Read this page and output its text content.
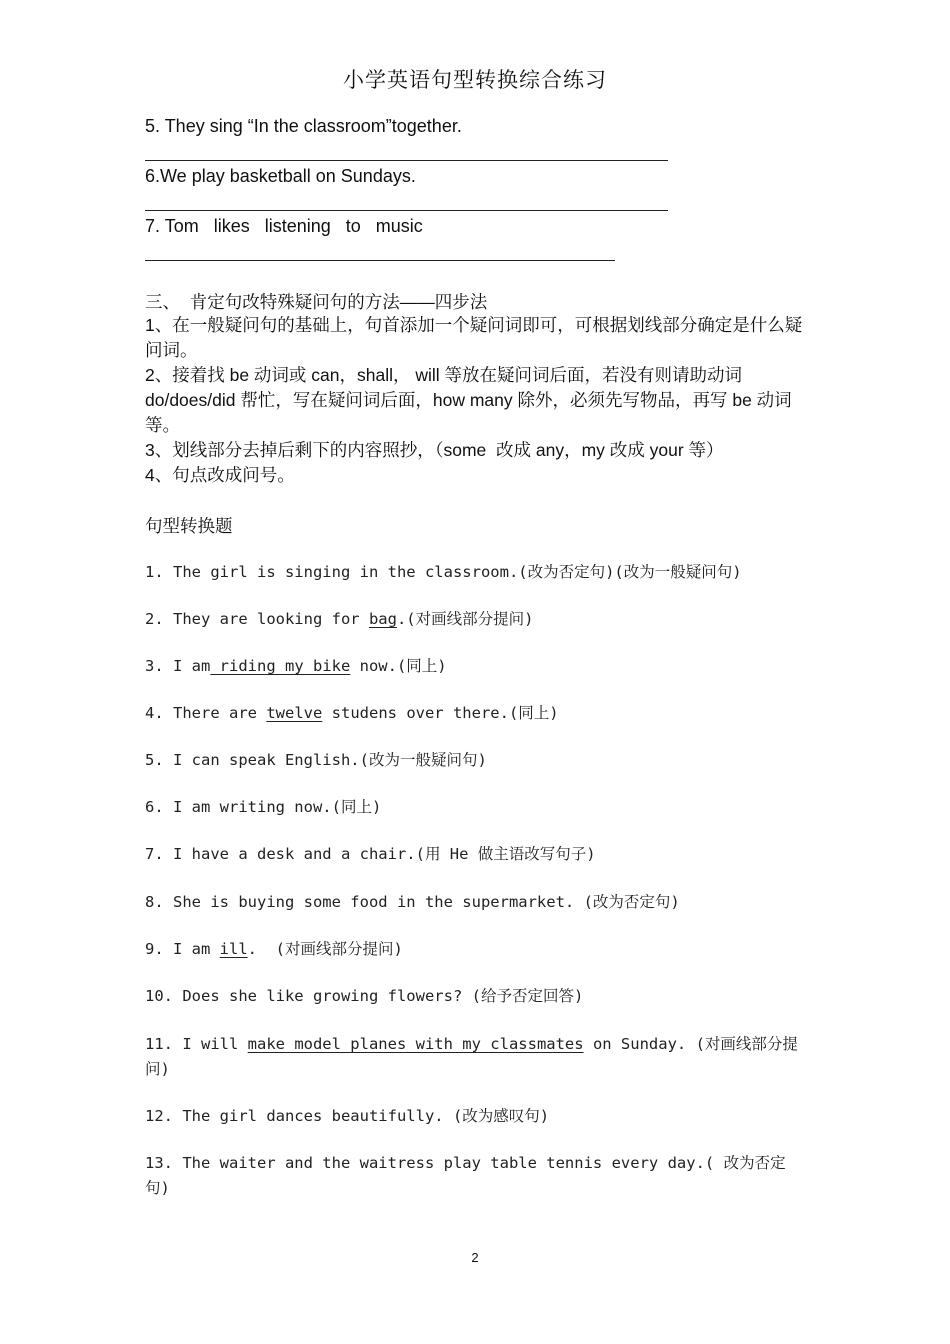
小学英语句型转换综合练习
5. They sing “In the classroom”together.
6.We play basketball on Sundays.
7. Tom   likes   listening   to   music
三、  肯定句改特殊疑问句的方法——四步法
1、在一般疑问句的基础上，句首添加一个疑问词即可，可根据划线部分确定是什么疑问词。
2、接着找 be 动词或 can，shall， will 等放在疑问词后面，若没有则请助动词 do/does/did 帮忙，写在疑问词后面，how many 除外，必须先写物品，再写 be 动词等。
3、划线部分去掉后剩下的内容照抄，（some  改成 any，my 改成 your 等）
4、句点改成问号。
句型转换题
1. The girl is singing in the classroom.(改为否定句)(改为一般疑问句)
2. They are looking for bag.(对画线部分提问)
3. I am riding my bike now.(同上)
4. There are twelve studens over there.(同上)
5. I can speak English.(改为一般疑问句)
6. I am writing now.(同上)
7. I have a desk and a chair.(用 He 做主语改写句子)
8. She is buying some food in the supermarket. (改为否定句)
9. I am ill.  (对画线部分提问)
10. Does she like growing flowers? (给予否定回答)
11. I will make model planes with my classmates on Sunday. (对画线部分提问)
12. The girl dances beautifully. (改为感叹句)
13. The waiter and the waitress play table tennis every day.( 改为否定句)
2
